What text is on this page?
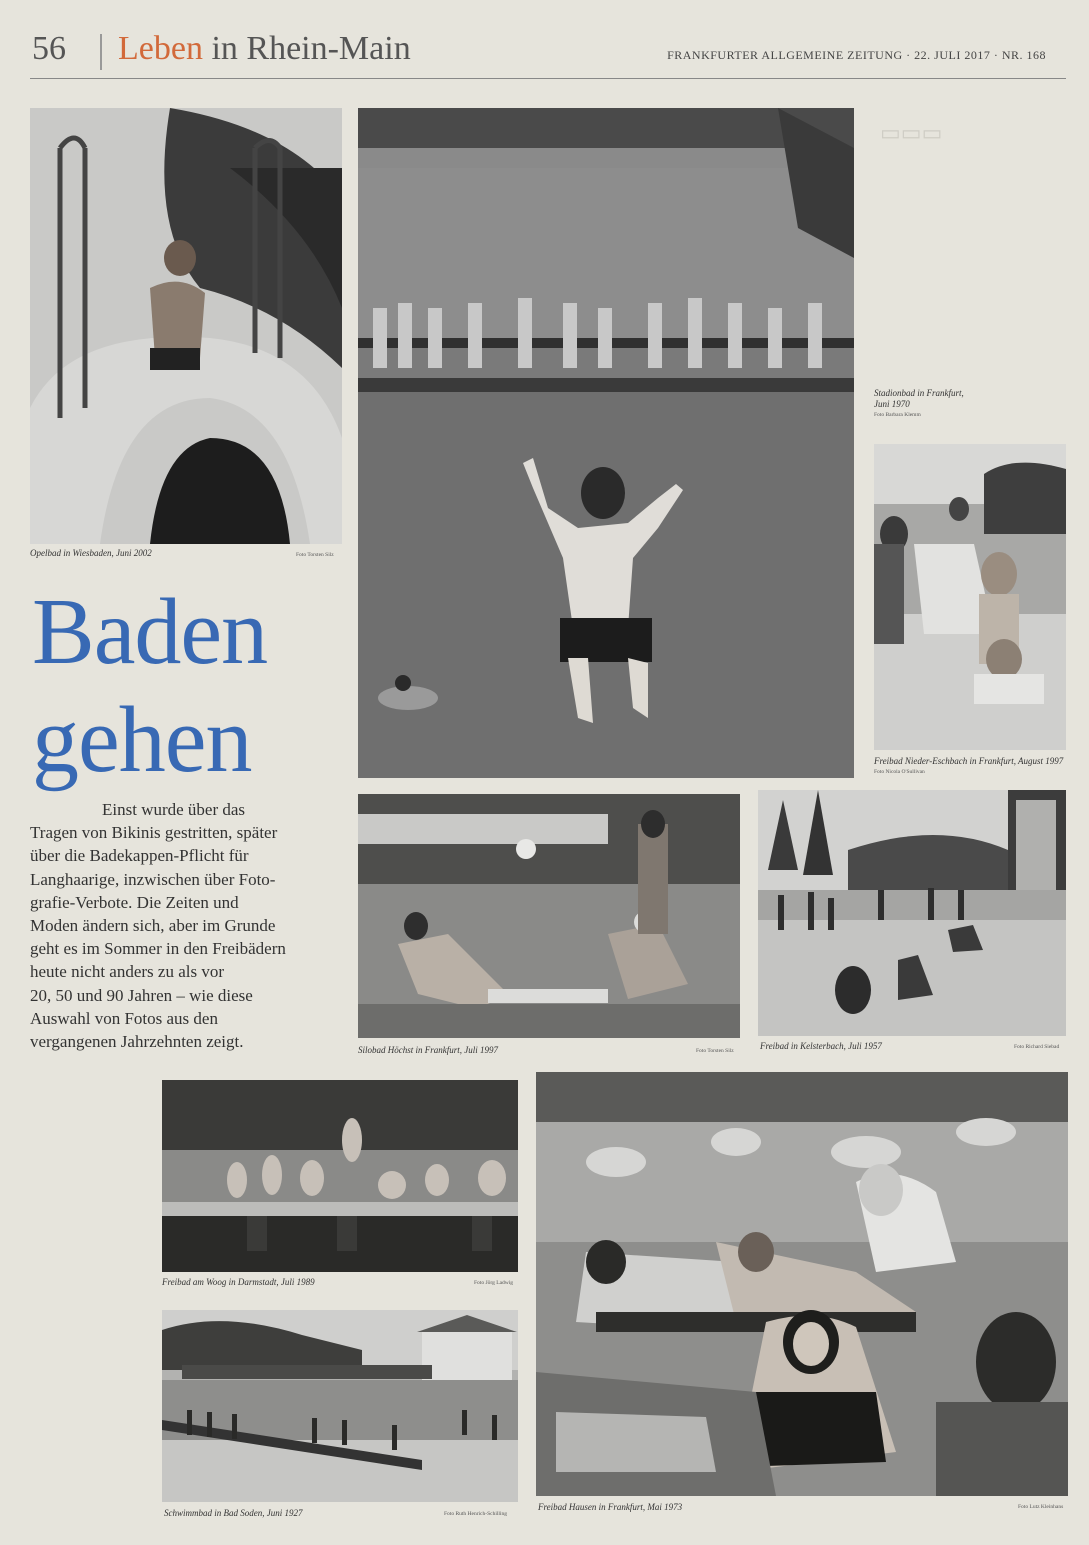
▭▭▭
56 Leben in Rhein-Main	FRANKFURTER ALLGEMEINE ZEITUNG · 22. JULI 2017 · NR. 168
Opelbad in Wiesbaden, Juni 2002	Foto Torsten Silz
Stadionbad in Frankfurt,
Juni 1970
Foto Barbara Klemm
Freibad Nieder-Eschbach in Frankfurt, August 1997
Foto Nicola O'Sullivan
Baden
gehen
Einst wurde über das
Tragen von Bikinis gestritten, später
über die Badekappen-Pflicht für
Langhaarige, inzwischen über Foto-
grafie-Verbote. Die Zeiten und
Moden ändern sich, aber im Grunde
geht es im Sommer in den Freibädern
heute nicht anders zu als vor
20, 50 und 90 Jahren – wie diese
Auswahl von Fotos aus den
vergangenen Jahrzehnten zeigt.	Silobad Höchst in Frankfurt, Juli 1997	Foto Torsten Silz	Freibad in Kelsterbach, Juli 1957	Foto Richard Siebad
Freibad am Woog in Darmstadt, Juli 1989	Foto Jörg Ladwig
Schwimmbad in Bad Soden, Juni 1927	Foto Ruth Henrich-Schilling
Freibad Hausen in Frankfurt, Mai 1973	Foto Lutz Kleinhans
